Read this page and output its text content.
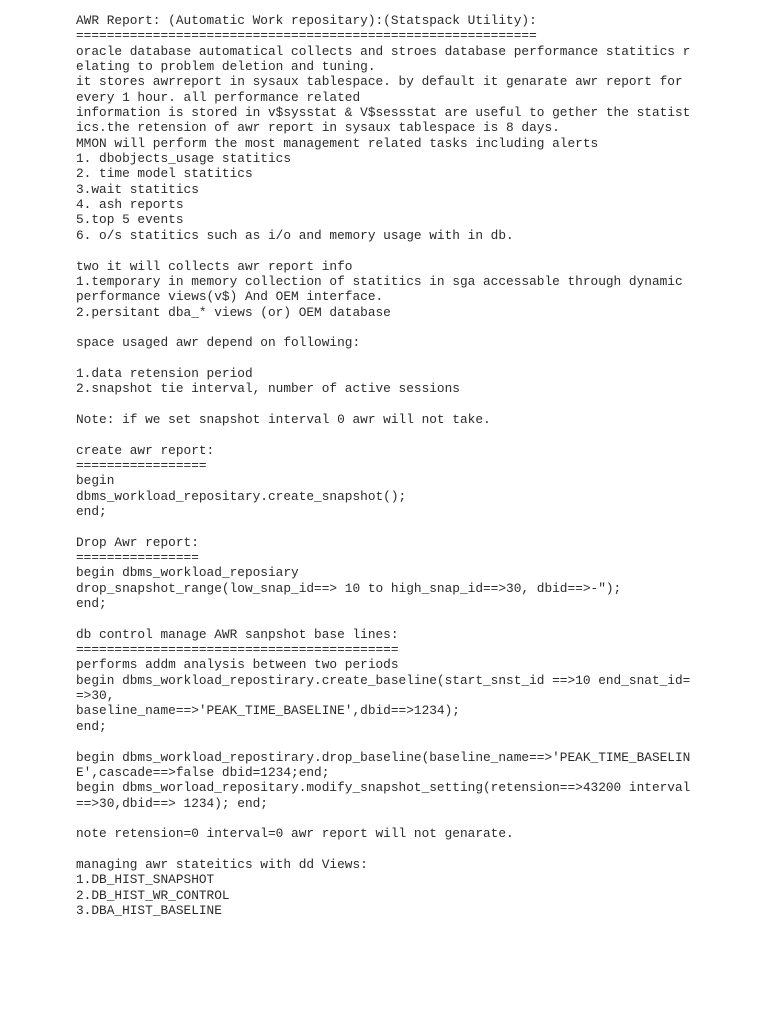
AWR Report: (Automatic Work repositary):(Statspack Utility):
============================================================
oracle database automatical collects and stroes database performance statitics r
elating to problem deletion and tuning.
it stores awrreport in sysaux tablespace. by default it genarate awr report for
every 1 hour. all performance related
information is stored in v$sysstat & V$sessstat are useful to gether the statist
ics.the retension of awr report in sysaux tablespace is 8 days.
MMON will perform the most management related tasks including alerts
1. dbobjects_usage statitics
2. time model statitics
3.wait statitics
4. ash reports
5.top 5 events
6. o/s statitics such as i/o and memory usage with in db.
two it will collects awr report info
1.temporary in memory collection of statitics in sga accessable through dynamic
performance views(v$) And OEM interface.
2.persitant dba_* views (or) OEM database
space usaged awr depend on following:
1.data retension period
2.snapshot tie interval, number of active sessions
Note: if we set snapshot interval 0 awr will not take.
create awr report:
=================
begin
dbms_workload_repositary.create_snapshot();
end;
Drop Awr report:
================
begin dbms_workload_reposiary
drop_snapshot_range(low_snap_id==> 10 to high_snap_id==>30, dbid==>-");
end;
db control manage AWR sanpshot base lines:
==========================================
performs addm analysis between two periods
begin dbms_workload_repostirary.create_baseline(start_snst_id ==>10 end_snat_id=
=>30,
baseline_name==>'PEAK_TIME_BASELINE',dbid==>1234);
end;
begin dbms_workload_repostirary.drop_baseline(baseline_name==>'PEAK_TIME_BASELIN
E',cascade==>false dbid=1234;end;
begin dbms_worload_repositary.modify_snapshot_setting(retension==>43200 interval
==>30,dbid==> 1234); end;
note retension=0 interval=0 awr report will not genarate.
managing awr stateitics with dd Views:
1.DB_HIST_SNAPSHOT
2.DB_HIST_WR_CONTROL
3.DBA_HIST_BASELINE
